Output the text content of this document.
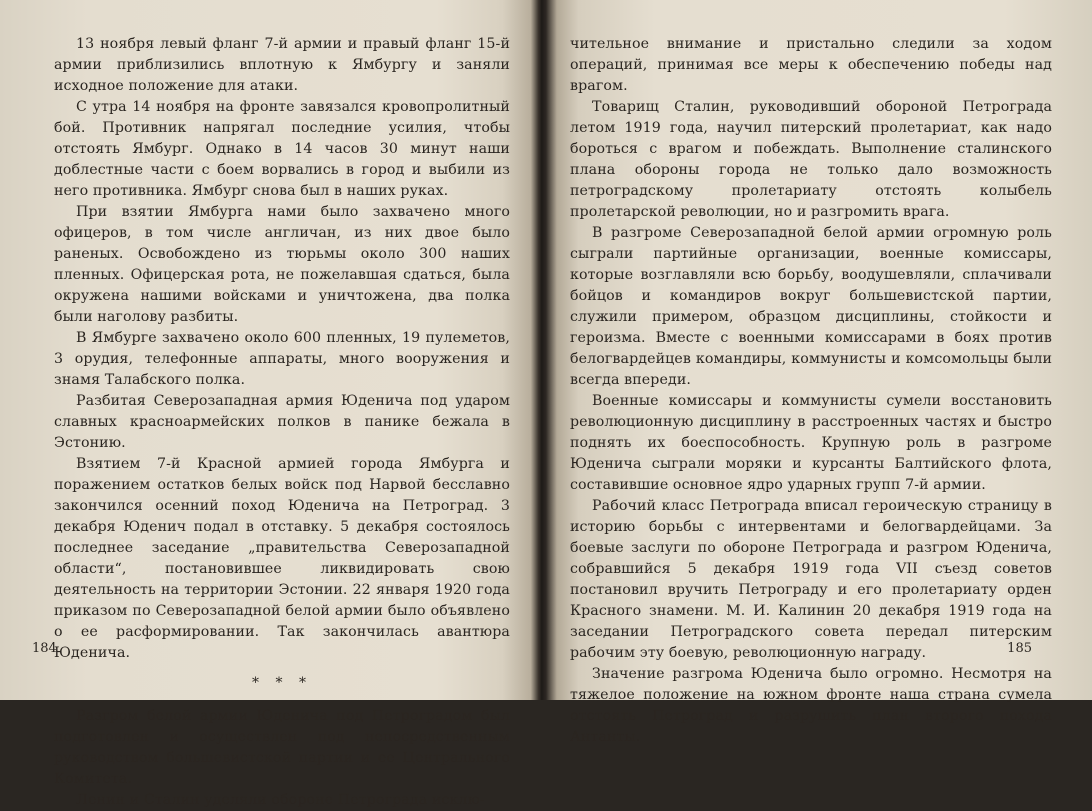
13 ноября левый фланг 7-й армии и правый фланг 15-й армии приблизились вплотную к Ямбургу и заняли исходное положение для атаки.

С утра 14 ноября на фронте завязался кровопролитный бой. Противник напрягал последние усилия, чтобы отстоять Ямбург. Однако в 14 часов 30 минут наши доблестные части с боем ворвались в город и выбили из него противника. Ямбург снова был в наших руках.

При взятии Ямбурга нами было захвачено много офицеров, в том числе англичан, из них двое было раненых. Освобождено из тюрьмы около 300 наших пленных. Офицерская рота, не пожелавшая сдаться, была окружена нашими войсками и уничтожена, два полка были наголову разбиты.

В Ямбурге захвачено около 600 пленных, 19 пулеметов, 3 орудия, телефонные аппараты, много вооружения и знамя Талабского полка.

Разбитая Северозападная армия Юденича под ударом славных красноармейских полков в панике бежала в Эстонию.

Взятием 7-й Красной армией города Ямбурга и поражением остатков белых войск под Нарвой бесславно закончился осенний поход Юденича на Петроград. 3 декабря Юденич подал в отставку. 5 декабря состоялось последнее заседание „правительства Северозападной области“, постановившее ликвидировать свою деятельность на территории Эстонии. 22 января 1920 года приказом по Северозападной белой армии было объявлено о ее расформировании. Так закончилась авантюра Юденича.

* * *

Разгром белой армии Юденича под Петроградом был подготовлен и осуществлен под непосредственным руководством большевистской партии и ее Центрального Комитета.

Ленин и Сталин уделяли обороне Петрограда исклю-

184

чительное внимание и пристально следили за ходом операций, принимая все меры к обеспечению победы над врагом.

Товарищ Сталин, руководивший обороной Петрограда летом 1919 года, научил питерский пролетариат, как надо бороться с врагом и побеждать. Выполнение сталинского плана обороны города не только дало возможность петроградскому пролетариату отстоять колыбель пролетарской революции, но и разгромить врага.

В разгроме Северозападной белой армии огромную роль сыграли партийные организации, военные комиссары, которые возглавляли всю борьбу, воодушевляли, сплачивали бойцов и командиров вокруг большевистской партии, служили примером, образцом дисциплины, стойкости и героизма. Вместе с военными комиссарами в боях против белогвардейцев командиры, коммунисты и комсомольцы были всегда впереди.

Военные комиссары и коммунисты сумели восстановить революционную дисциплину в расстроенных частях и быстро поднять их боеспособность. Крупную роль в разгроме Юденича сыграли моряки и курсанты Балтийского флота, составившие основное ядро ударных групп 7-й армии.

Рабочий класс Петрограда вписал героическую страницу в историю борьбы с интервентами и белогвардейцами. За боевые заслуги по обороне Петрограда и разгром Юденича, собравшийся 5 декабря 1919 года VII съезд советов постановил вручить Петрограду и его пролетариату орден Красного знамени. М. И. Калинин 20 декабря 1919 года на заседании Петроградского совета передал питерским рабочим эту боевую, революционную награду.

Значение разгрома Юденича было огромно. Несмотря на тяжелое положение на южном фронте наша страна сумела отстоять Петроград и разрушить план второго похода Антанты.

185
